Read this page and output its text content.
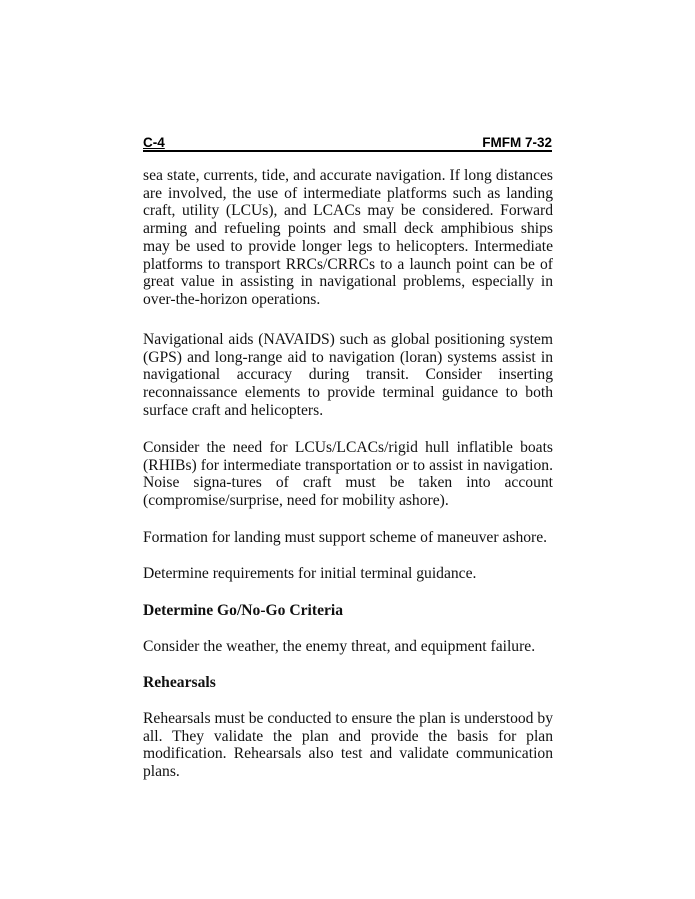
C-4	FMFM 7-32

sea state, currents, tide, and accurate navigation. If long distances are involved, the use of intermediate platforms such as landing craft, utility (LCUs), and LCACs may be considered. Forward arming and refueling points and small deck amphibious ships may be used to provide longer legs to helicopters. Intermediate platforms to transport RRCs/CRRCs to a launch point can be of great value in assisting in navigational problems, especially in over-the-horizon operations.

Navigational aids (NAVAIDS) such as global positioning system (GPS) and long-range aid to navigation (loran) systems assist in navigational accuracy during transit. Consider inserting reconnaissance elements to provide terminal guidance to both surface craft and helicopters.

Consider the need for LCUs/LCACs/rigid hull inflatible boats (RHIBs) for intermediate transportation or to assist in navigation. Noise signa-tures of craft must be taken into account (compromise/surprise, need for mobility ashore).

Formation for landing must support scheme of maneuver ashore.

Determine requirements for initial terminal guidance.

Determine Go/No-Go Criteria

Consider the weather, the enemy threat, and equipment failure.

Rehearsals

Rehearsals must be conducted to ensure the plan is understood by all. They validate the plan and provide the basis for plan modification. Rehearsals also test and validate communication plans.
